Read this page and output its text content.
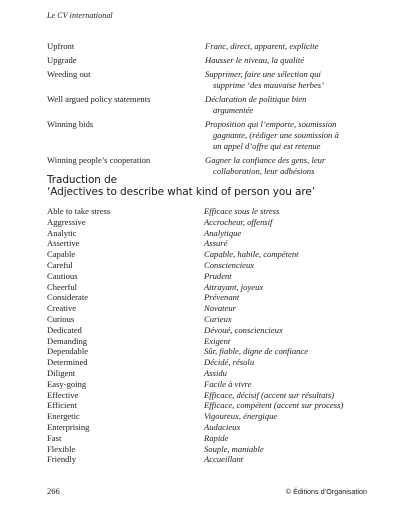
Le CV international
Upfront	Franc, direct, apparent, explicite
Upgrade	Hausser le niveau, la qualité
Weeding out	Supprimer, faire une sélection qui
supprime ‘des mauvaise herbes’
Well argued policy statements	Déclaration de politique bien
argumentée
Winning bids	Proposition qui l’emporte, soumission
gagnante, (rédiger une soumission à
un appel d’offre qui est retenue
Winning people’s cooperation	Gagner la confiance des gens, leur
collaboration, leur adhésions
Traduction de
‘Adjectives to describe what kind of person you are’
Able to take stress	Efficace sous le stress
Aggressive	Accrocheur, offensif
Analytic	Analytique
Assertive	Assuré
Capable	Capable, habile, compétent
Careful	Consciencieux
Cautious	Prudent
Cheerful	Attrayant, joyeux
Considerate	Prévenant
Creative	Novateur
Curious	Curieux
Dedicated	Dévoué, consciencieux
Demanding	Exigent
Dependable	Sûr, fiable, digne de confiance
Determined	Décidé, résolu
Diligent	Assidu
Easy-going	Facile à vivre
Effective	Efficace, décisif (accent sur résultats)
Efficient	Efficace, compétent (accent sur process)
Energetic	Vigoureux, énergique
Enterprising	Audacieux
Fast	Rapide
Flexible	Souple, maniable
Friendly	Accueillant
266	© Éditions d’Organisation
